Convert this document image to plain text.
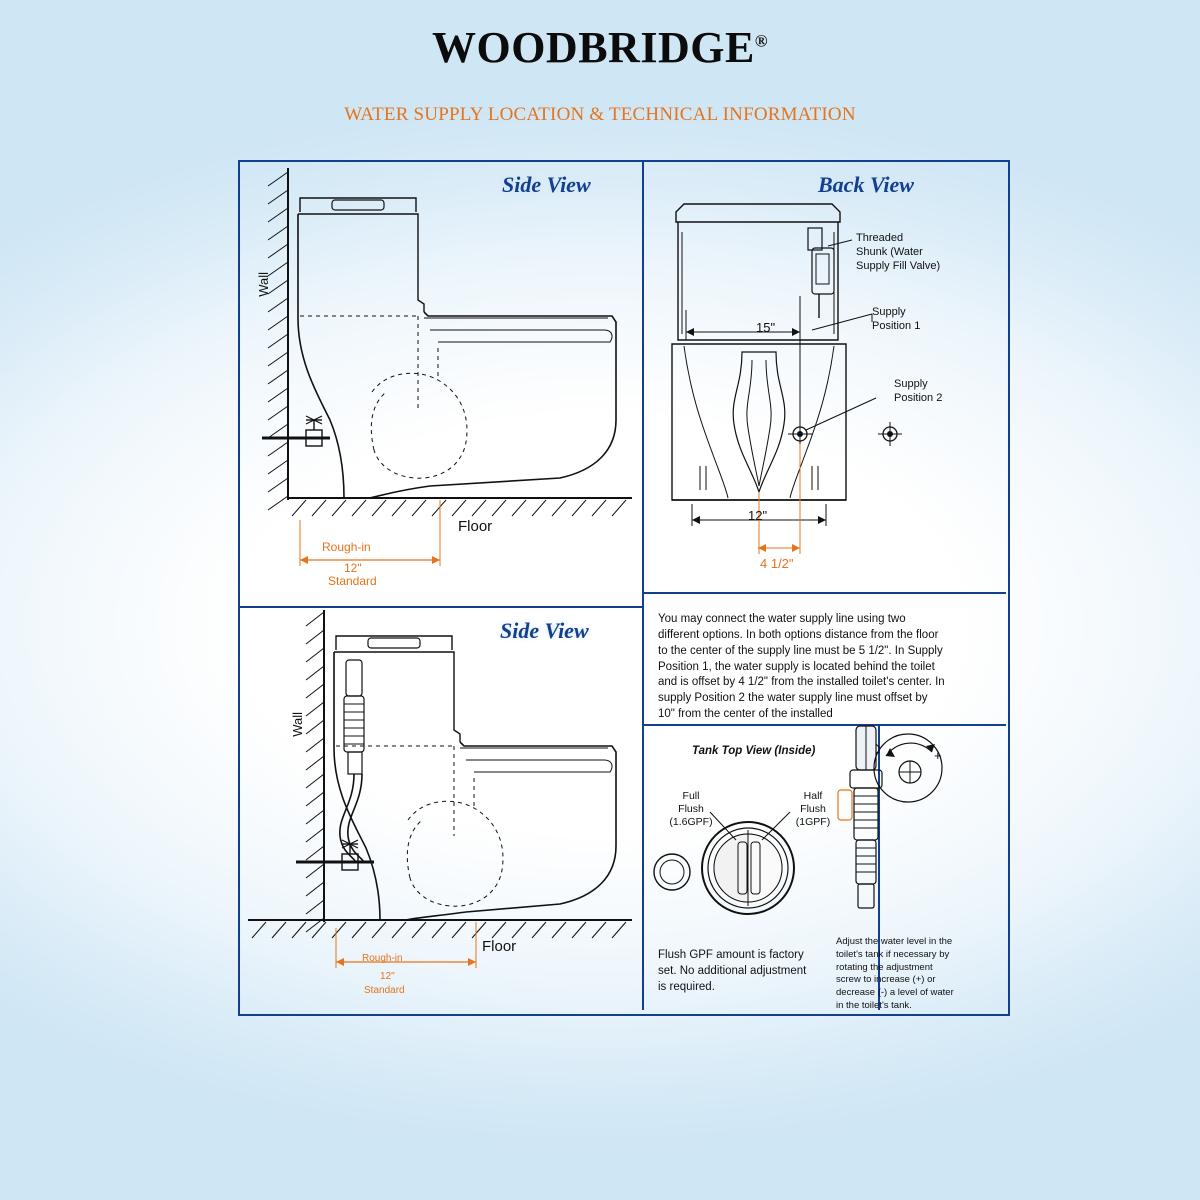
WOODBRIDGE®
WATER SUPPLY LOCATION & TECHNICAL INFORMATION
Side View
Wall
Floor
Rough-in
12"
Standard
Back View
Threaded
Shunk (Water
Supply Fill Valve)
Supply
Position 1
Supply
Position 2
15"
12"
4 1/2"
Side View
Wall
Floor
Rough-in
12"
Standard
You may connect the water supply line using two different options. In both options distance from the floor to the center of the supply line must be 5 1/2". In Supply Position 1, the water supply is located behind the toilet and is offset by 4 1/2" from the installed toilet's center. In supply Position 2 the water supply line must offset by 10" from the center of the installed
Tank Top View (Inside)
Full
Flush
(1.6GPF)
Half
Flush
(1GPF)
Flush GPF amount is factory set. No additional adjustment is required.
-	+
Adjust the water level in the toilet's tank if necessary by rotating the adjustment screw to increase (+) or decrease (-) a level of water in the toilet's tank.
